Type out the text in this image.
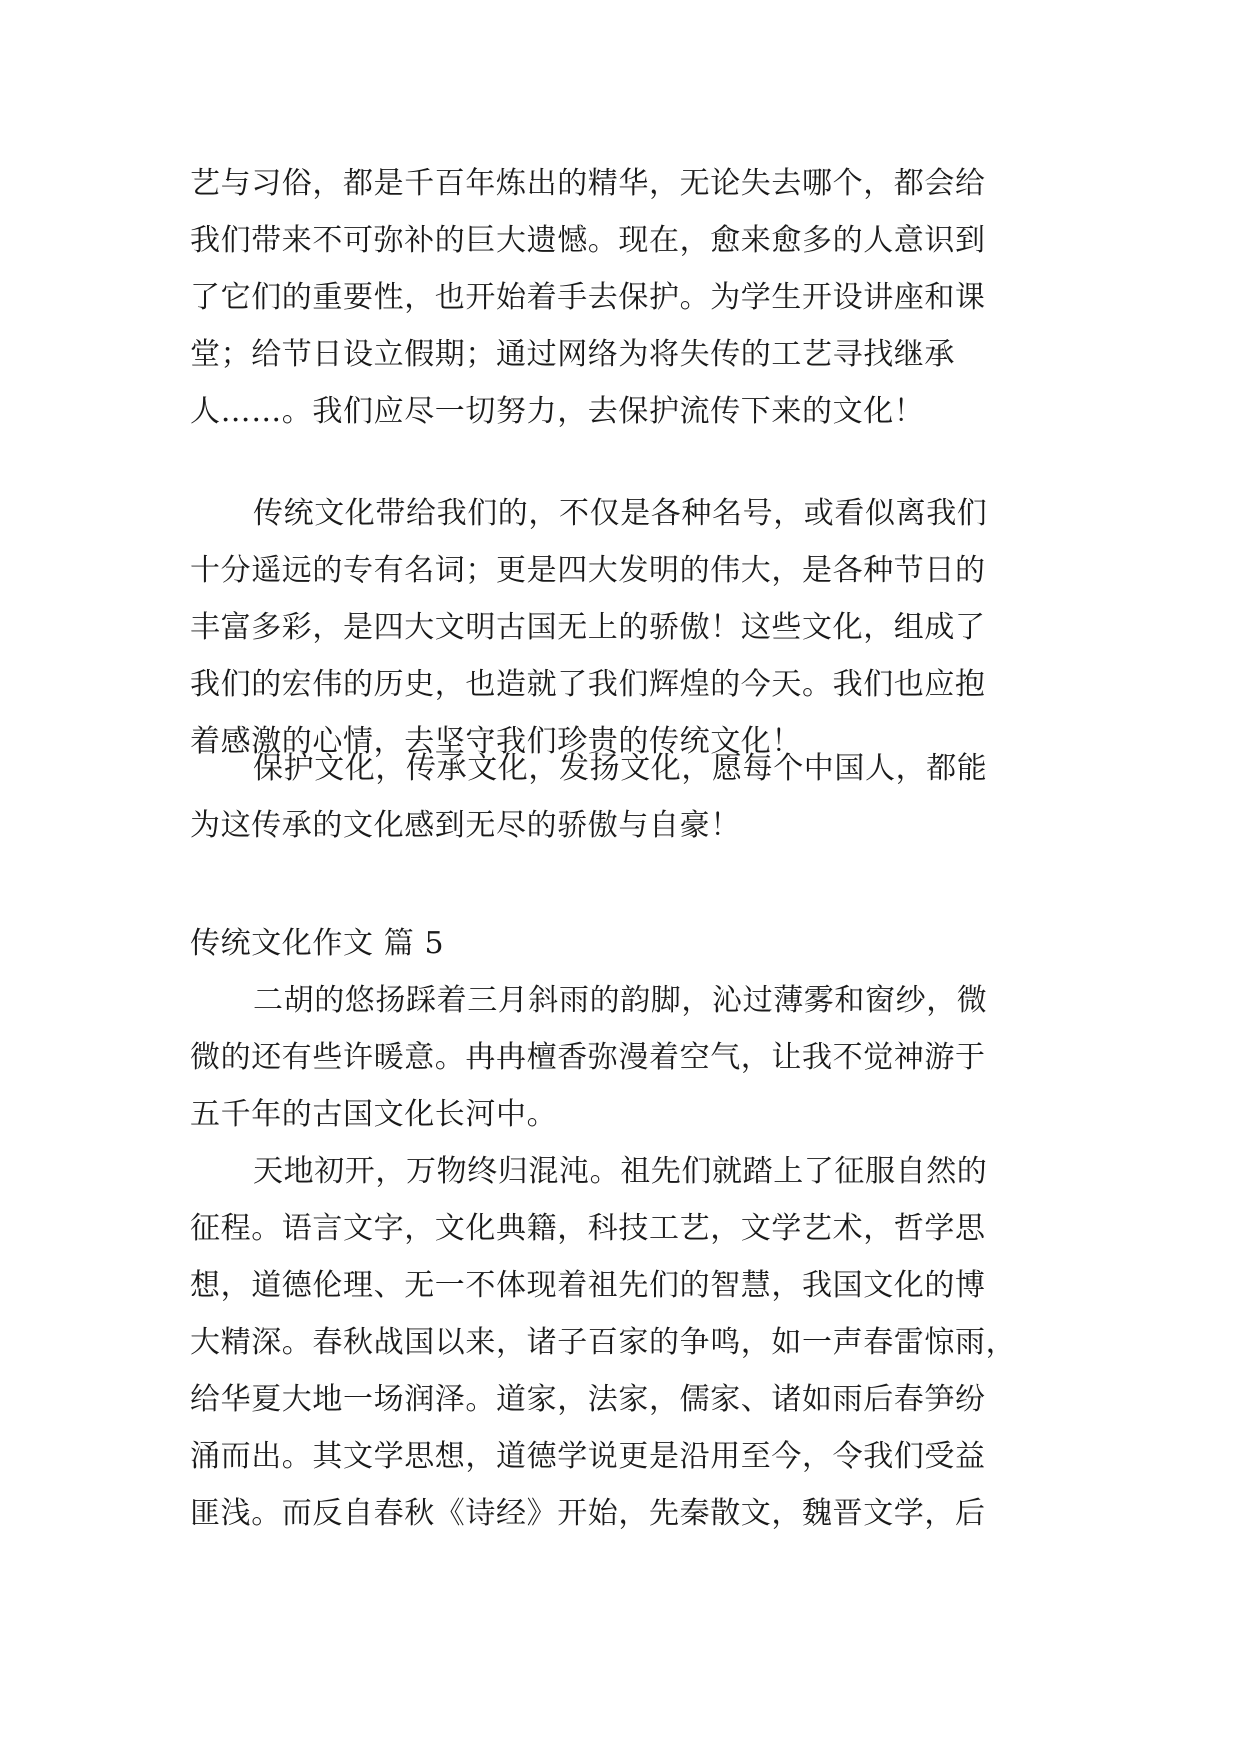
艺与习俗，都是千百年炼出的精华，无论失去哪个，都会给
我们带来不可弥补的巨大遗憾。现在，愈来愈多的人意识到
了它们的重要性，也开始着手去保护。为学生开设讲座和课
堂；给节日设立假期；通过网络为将失传的工艺寻找继承
人……。我们应尽一切努力，去保护流传下来的文化！

传统文化带给我们的，不仅是各种名号，或看似离我们
十分遥远的专有名词；更是四大发明的伟大，是各种节日的
丰富多彩，是四大文明古国无上的骄傲！这些文化，组成了
我们的宏伟的历史，也造就了我们辉煌的今天。我们也应抱
着感激的心情，去坚守我们珍贵的传统文化！

保护文化，传承文化，发扬文化，愿每个中国人，都能
为这传承的文化感到无尽的骄傲与自豪！

传统文化作文 篇 5

二胡的悠扬踩着三月斜雨的韵脚，沁过薄雾和窗纱，微
微的还有些许暖意。冉冉檀香弥漫着空气，让我不觉神游于
五千年的古国文化长河中。

天地初开，万物终归混沌。祖先们就踏上了征服自然的
征程。语言文字，文化典籍，科技工艺，文学艺术，哲学思
想，道德伦理、无一不体现着祖先们的智慧，我国文化的博
大精深。春秋战国以来，诸子百家的争鸣，如一声春雷惊雨，
给华夏大地一场润泽。道家，法家，儒家、诸如雨后春笋纷
涌而出。其文学思想，道德学说更是沿用至今，令我们受益
匪浅。而反自春秋《诗经》开始，先秦散文，魏晋文学，后
